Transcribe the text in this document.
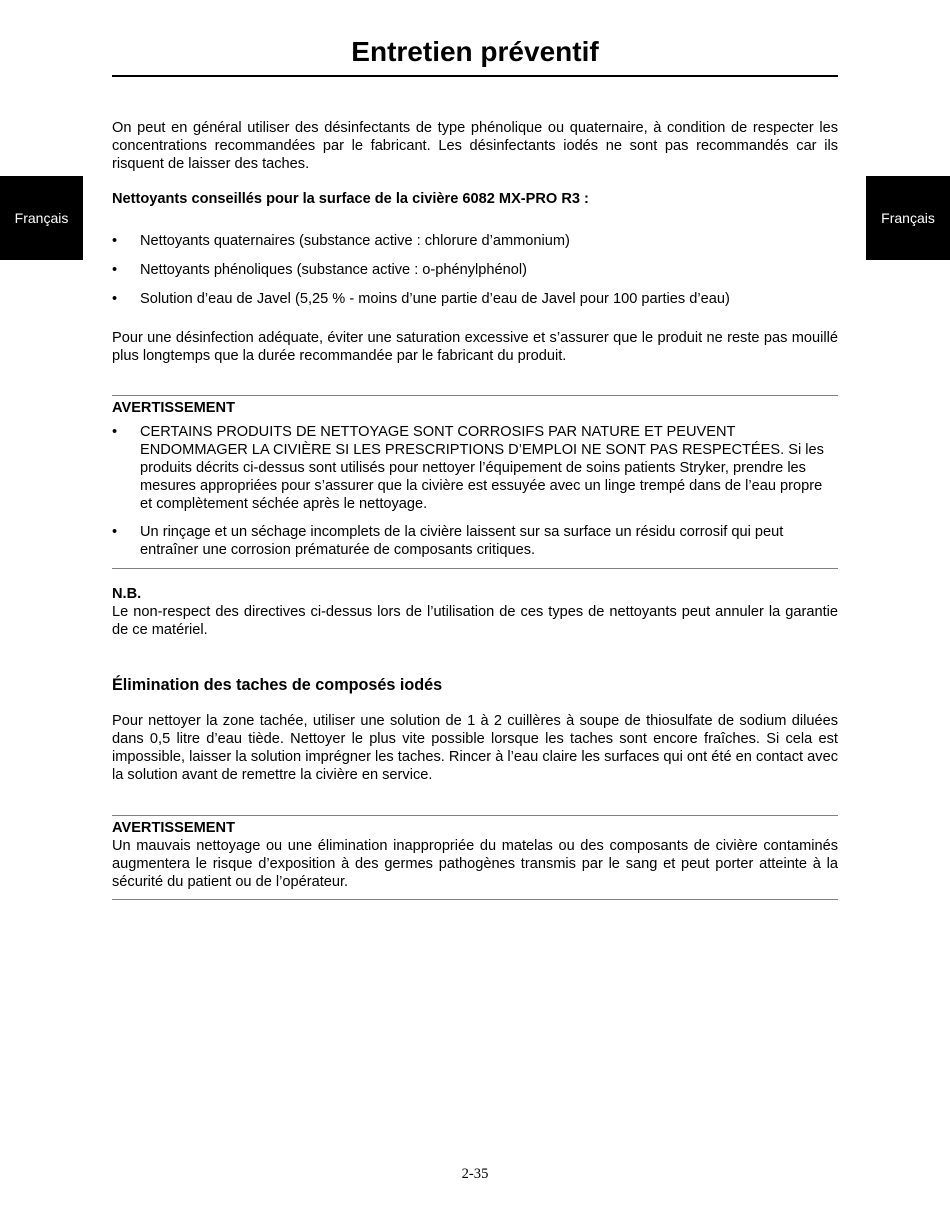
Français	Français
Entretien préventif

On peut en général utiliser des désinfectants de type phénolique ou quaternaire, à condition de respecter les concentrations recommandées par le fabricant. Les désinfectants iodés ne sont pas recommandés car ils risquent de laisser des taches.

Nettoyants conseillés pour la surface de la civière 6082 MX-PRO R3 :

• Nettoyants quaternaires (substance active : chlorure d’ammonium)
• Nettoyants phénoliques (substance active : o-phénylphénol)
• Solution d’eau de Javel (5,25 % - moins d’une partie d’eau de Javel pour 100 parties d’eau)

Pour une désinfection adéquate, éviter une saturation excessive et s’assurer que le produit ne reste pas mouillé plus longtemps que la durée recommandée par le fabricant du produit.

AVERTISSEMENT

• CERTAINS PRODUITS DE NETTOYAGE SONT CORROSIFS PAR NATURE ET PEUVENT ENDOMMAGER LA CIVIÈRE SI LES PRESCRIPTIONS D’EMPLOI NE SONT PAS RESPECTÉES. Si les produits décrits ci-dessus sont utilisés pour nettoyer l’équipement de soins patients Stryker, prendre les mesures appropriées pour s’assurer que la civière est essuyée avec un linge trempé dans de l’eau propre et complètement séchée après le nettoyage.
• Un rinçage et un séchage incomplets de la civière laissent sur sa surface un résidu corrosif qui peut entraîner une corrosion prématurée de composants critiques.

N.B.

Le non-respect des directives ci-dessus lors de l’utilisation de ces types de nettoyants peut annuler la garantie de ce matériel.

Élimination des taches de composés iodés

Pour nettoyer la zone tachée, utiliser une solution de 1 à 2 cuillères à soupe de thiosulfate de sodium diluées dans 0,5 litre d’eau tiède. Nettoyer le plus vite possible lorsque les taches sont encore fraîches. Si cela est impossible, laisser la solution imprégner les taches. Rincer à l’eau claire les surfaces qui ont été en contact avec la solution avant de remettre la civière en service.

AVERTISSEMENT

Un mauvais nettoyage ou une élimination inappropriée du matelas ou des composants de civière contaminés augmentera le risque d’exposition à des germes pathogènes transmis par le sang et peut porter atteinte à la sécurité du patient ou de l’opérateur.

2-35
